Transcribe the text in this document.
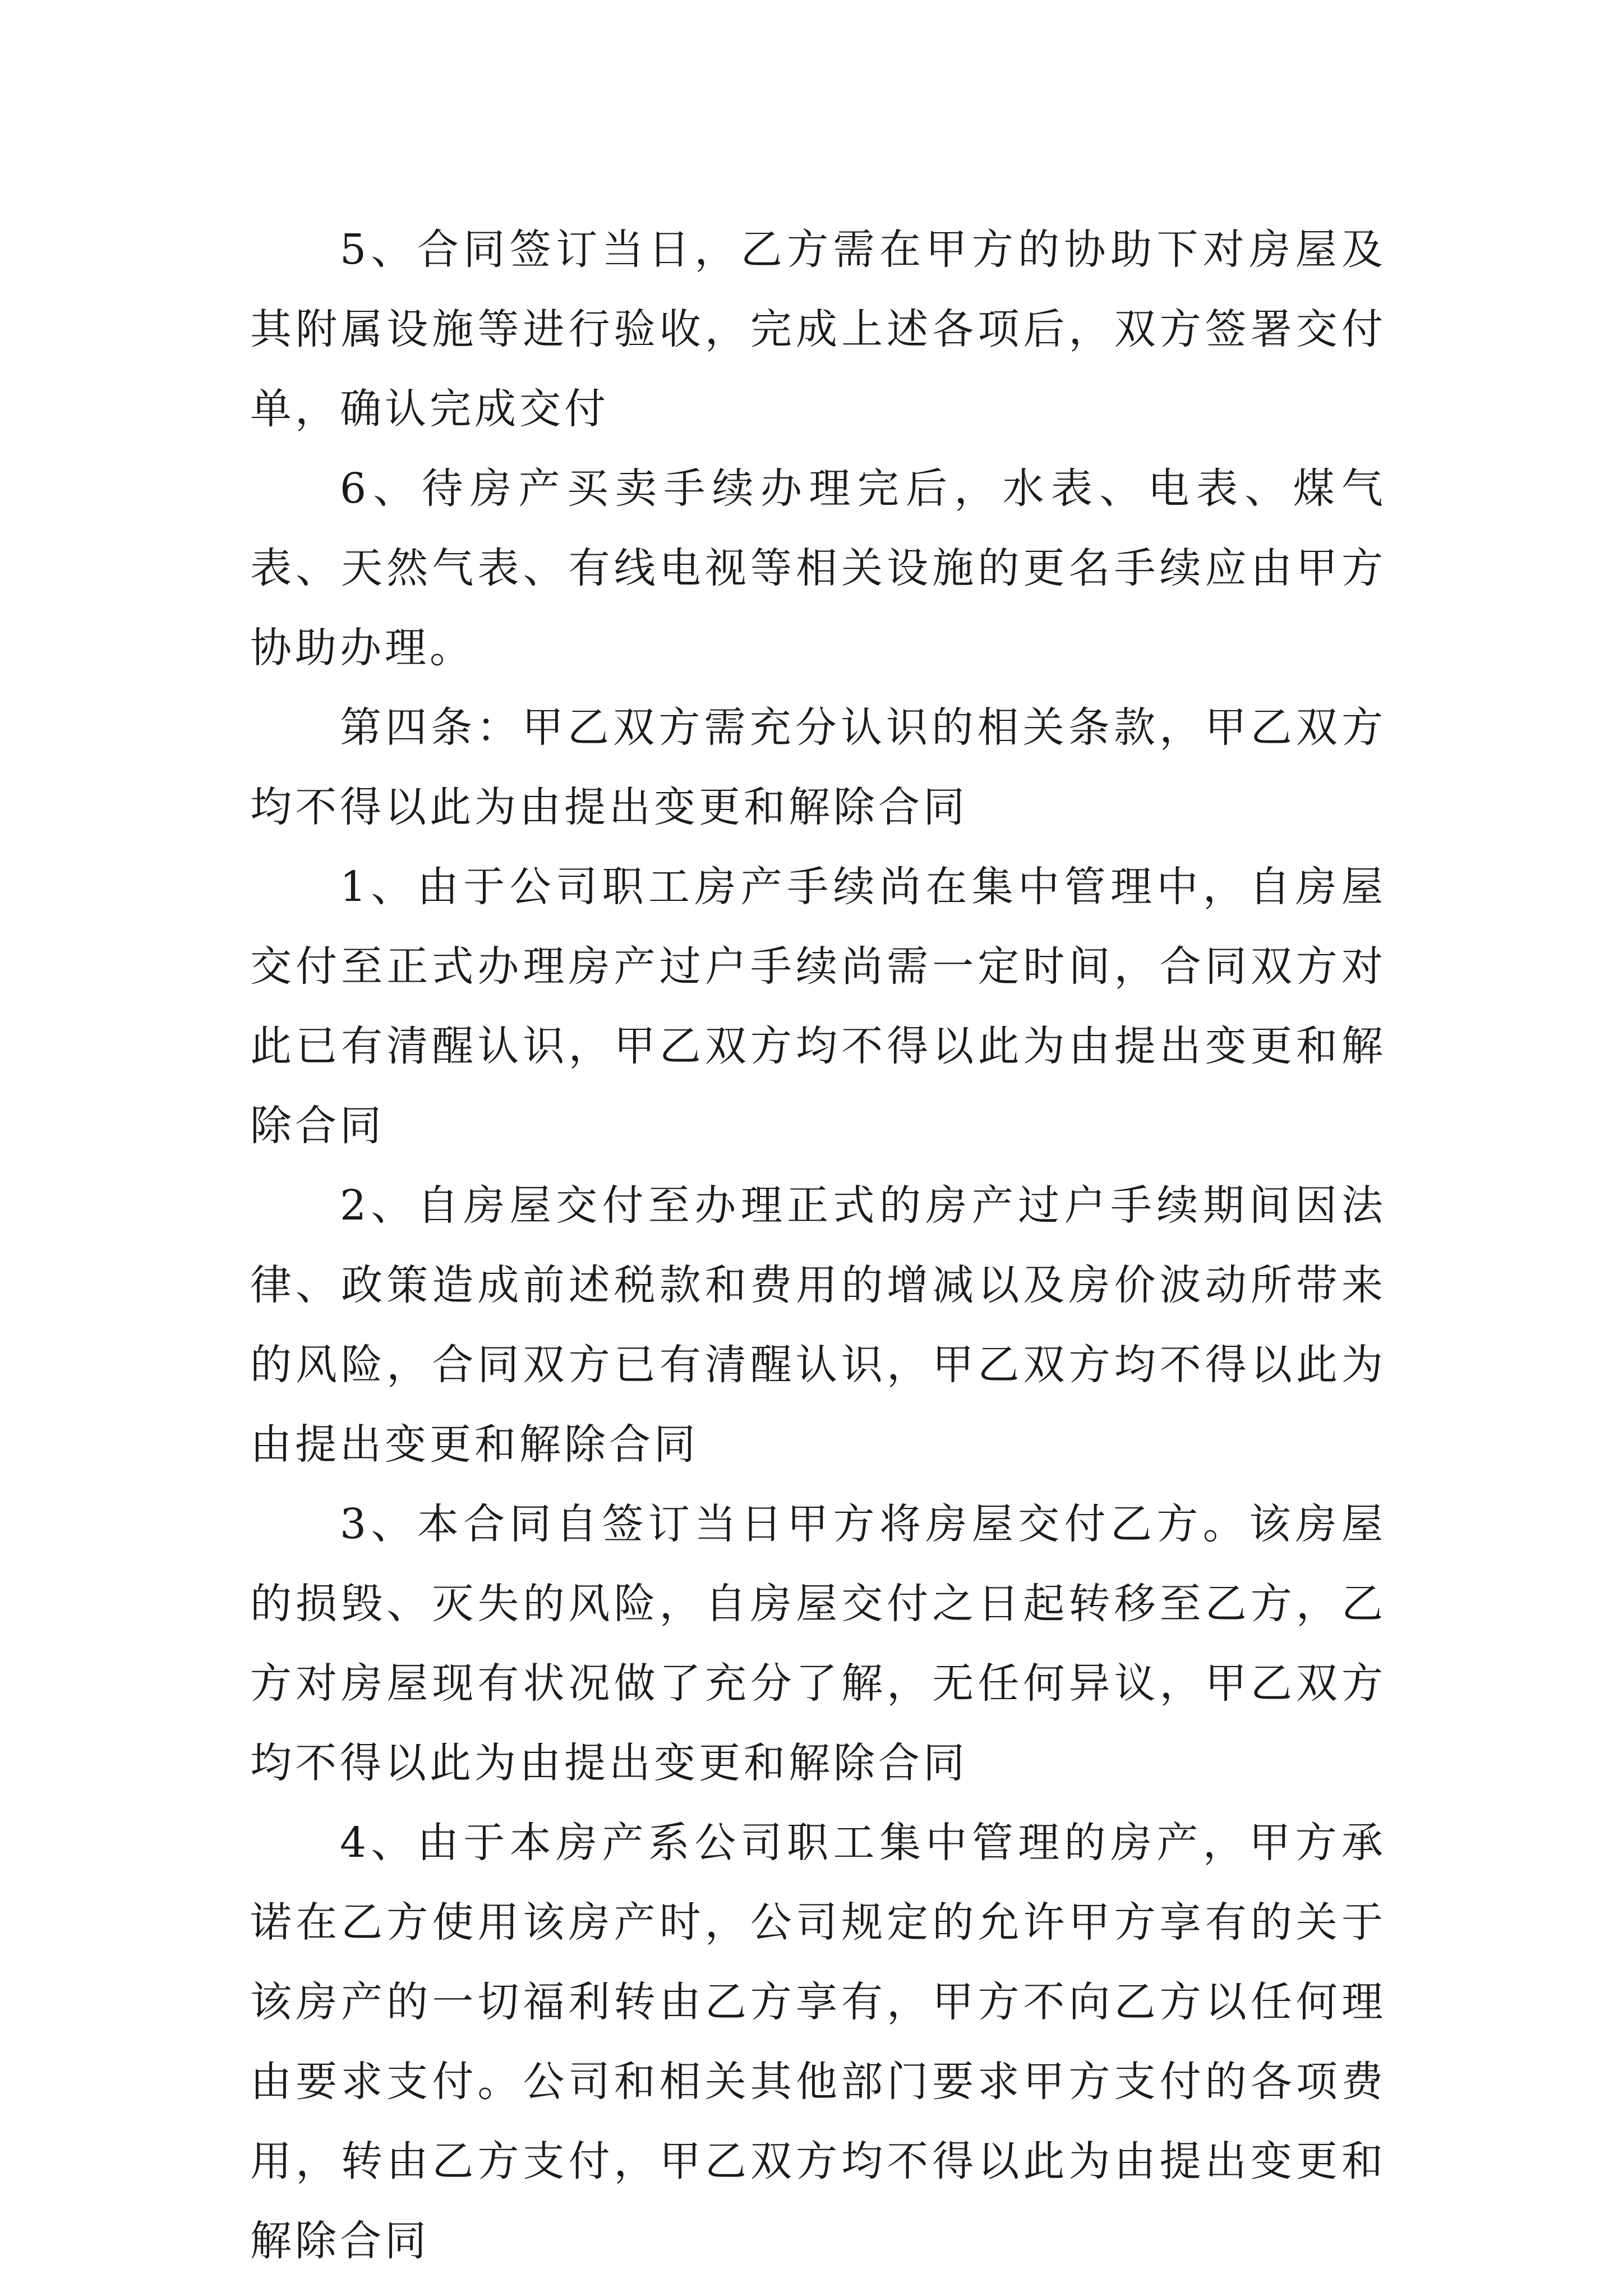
5、合同签订当日，乙方需在甲方的协助下对房屋及其附属设施等进行验收，完成上述各项后，双方签署交付单，确认完成交付

6、待房产买卖手续办理完后，水表、电表、煤气表、天然气表、有线电视等相关设施的更名手续应由甲方协助办理。

第四条：甲乙双方需充分认识的相关条款，甲乙双方均不得以此为由提出变更和解除合同

1、由于公司职工房产手续尚在集中管理中，自房屋交付至正式办理房产过户手续尚需一定时间，合同双方对此已有清醒认识，甲乙双方均不得以此为由提出变更和解除合同

2、自房屋交付至办理正式的房产过户手续期间因法律、政策造成前述税款和费用的增减以及房价波动所带来的风险，合同双方已有清醒认识，甲乙双方均不得以此为由提出变更和解除合同

3、本合同自签订当日甲方将房屋交付乙方。该房屋的损毁、灭失的风险，自房屋交付之日起转移至乙方，乙方对房屋现有状况做了充分了解，无任何异议，甲乙双方均不得以此为由提出变更和解除合同

4、由于本房产系公司职工集中管理的房产，甲方承诺在乙方使用该房产时，公司规定的允许甲方享有的关于该房产的一切福利转由乙方享有，甲方不向乙方以任何理由要求支付。公司和相关其他部门要求甲方支付的各项费用，转由乙方支付，甲乙双方均不得以此为由提出变更和解除合同
